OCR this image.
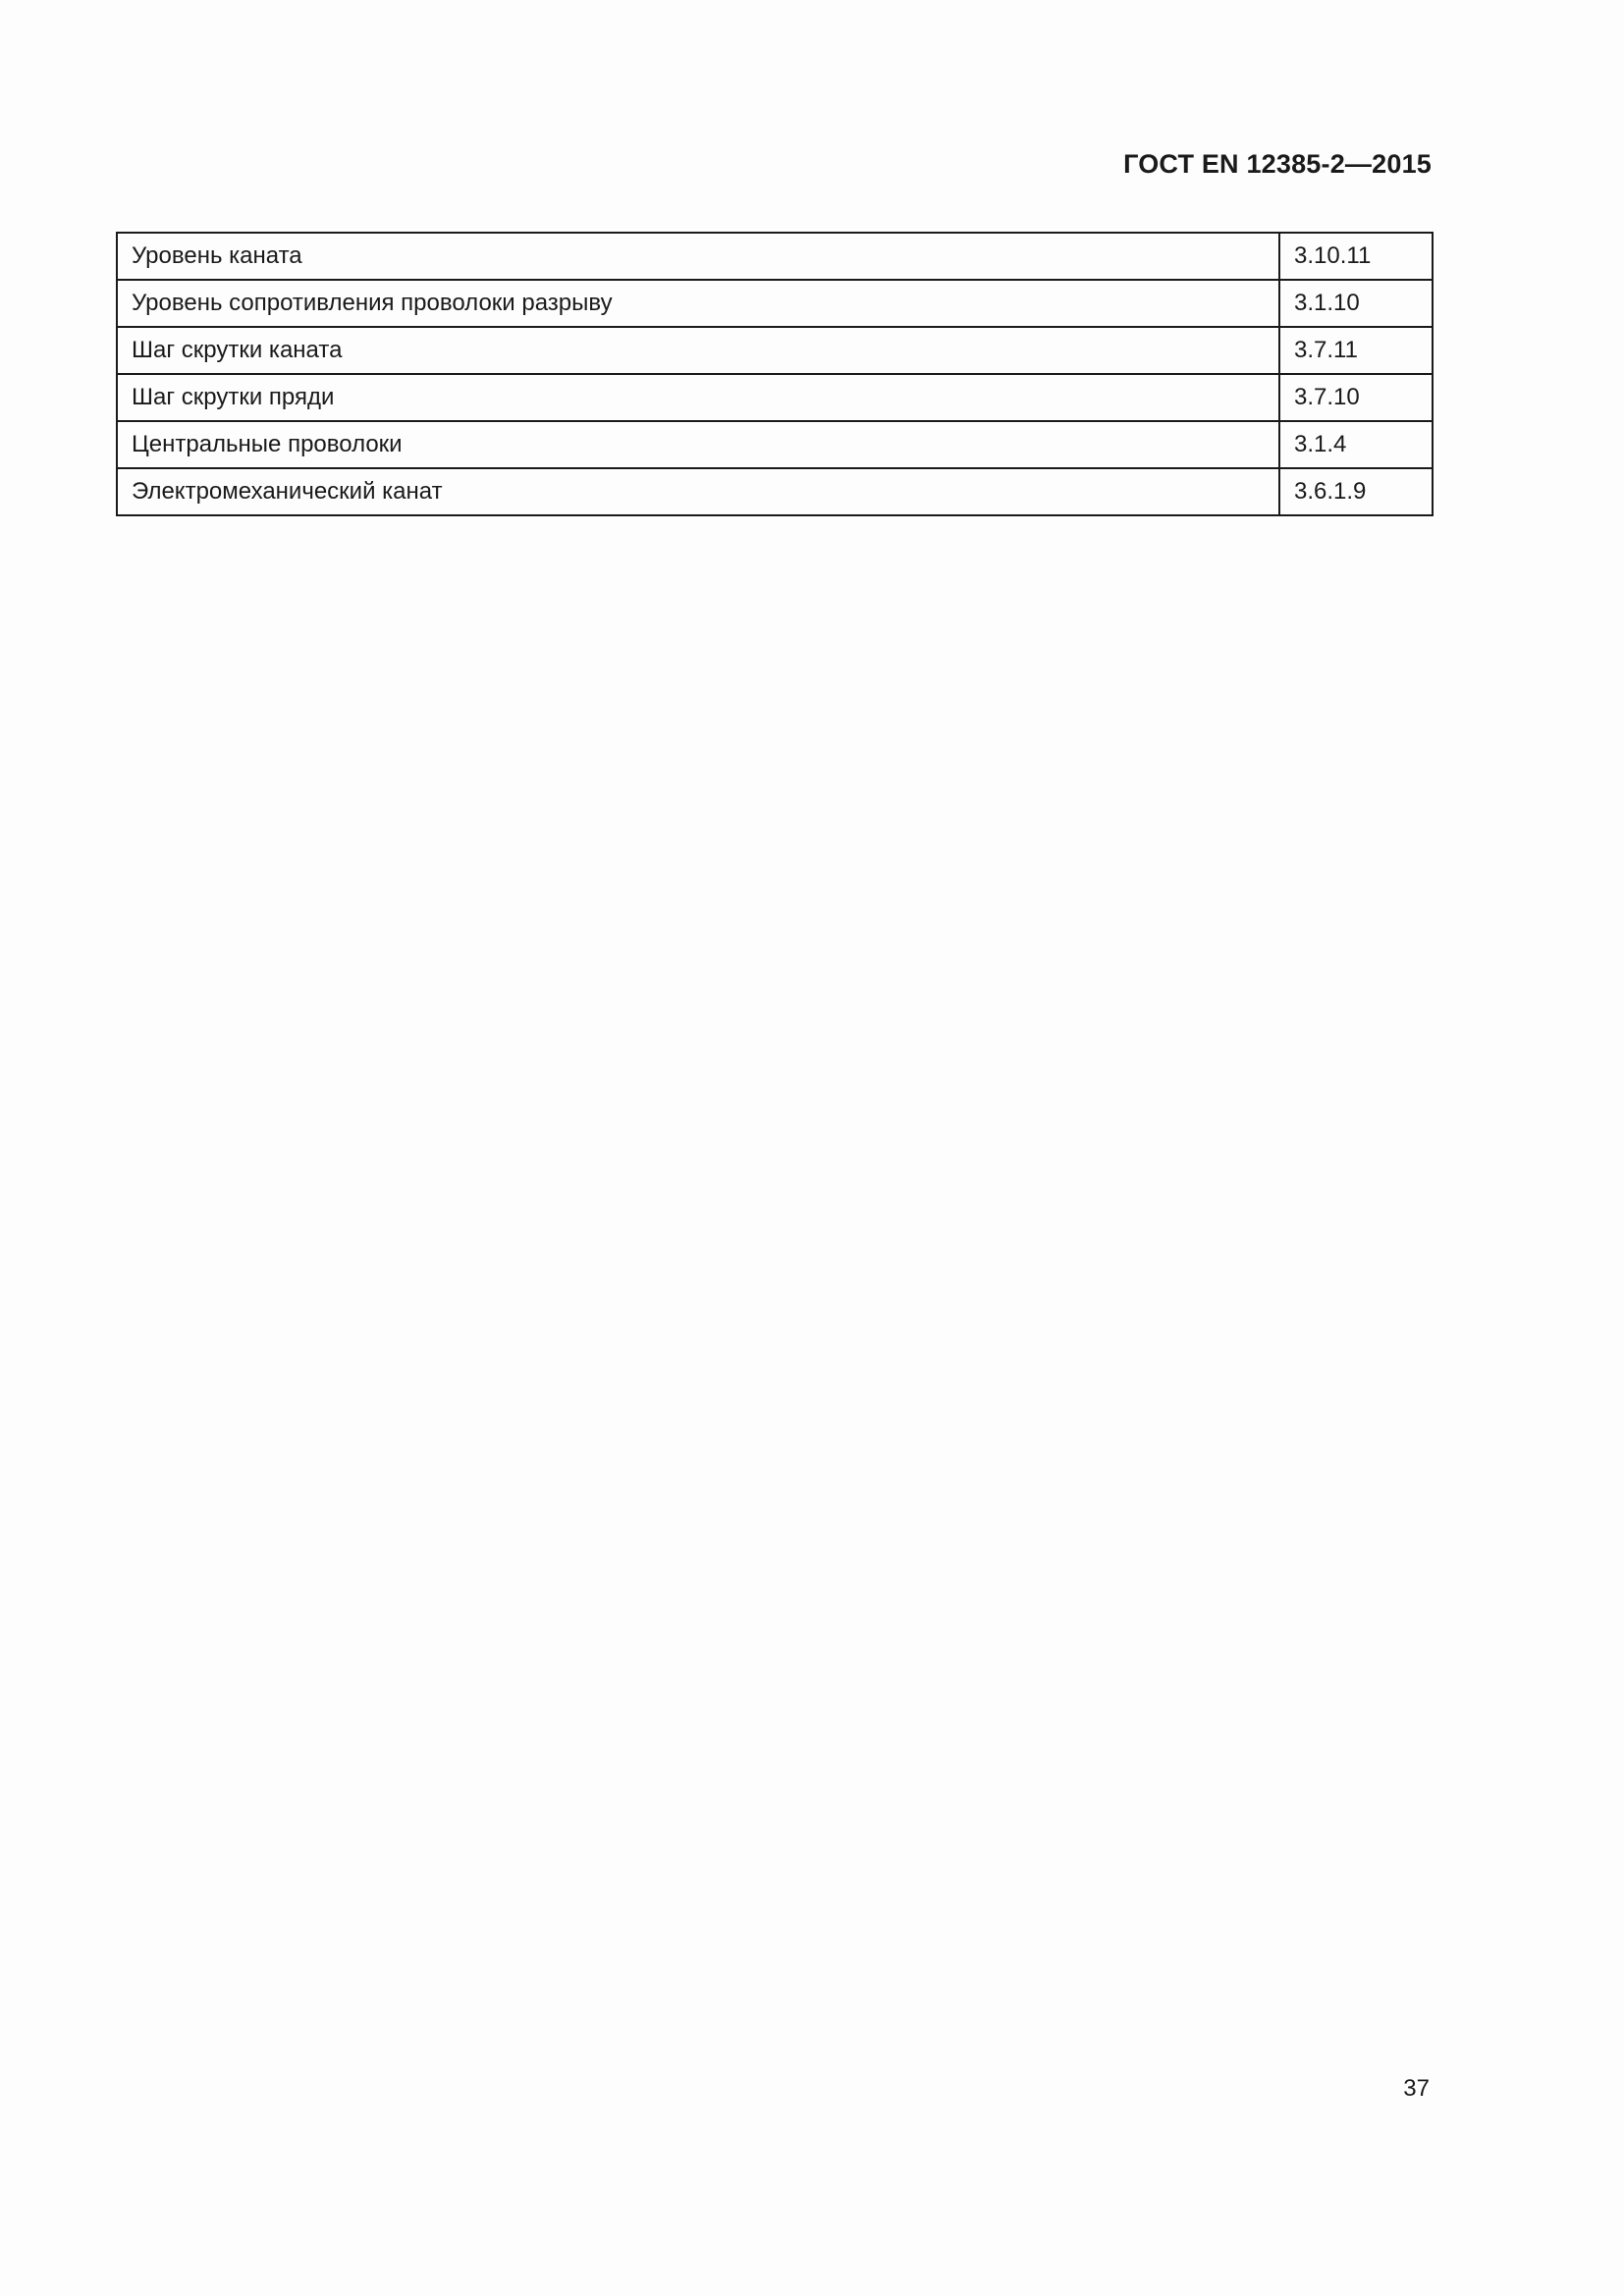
ГОСТ EN 12385-2—2015
Уровень каната	3.10.11
Уровень сопротивления проволоки разрыву	3.1.10
Шаг скрутки каната	3.7.11
Шаг скрутки пряди	3.7.10
Центральные проволоки	3.1.4
Электромеханический канат	3.6.1.9
37
